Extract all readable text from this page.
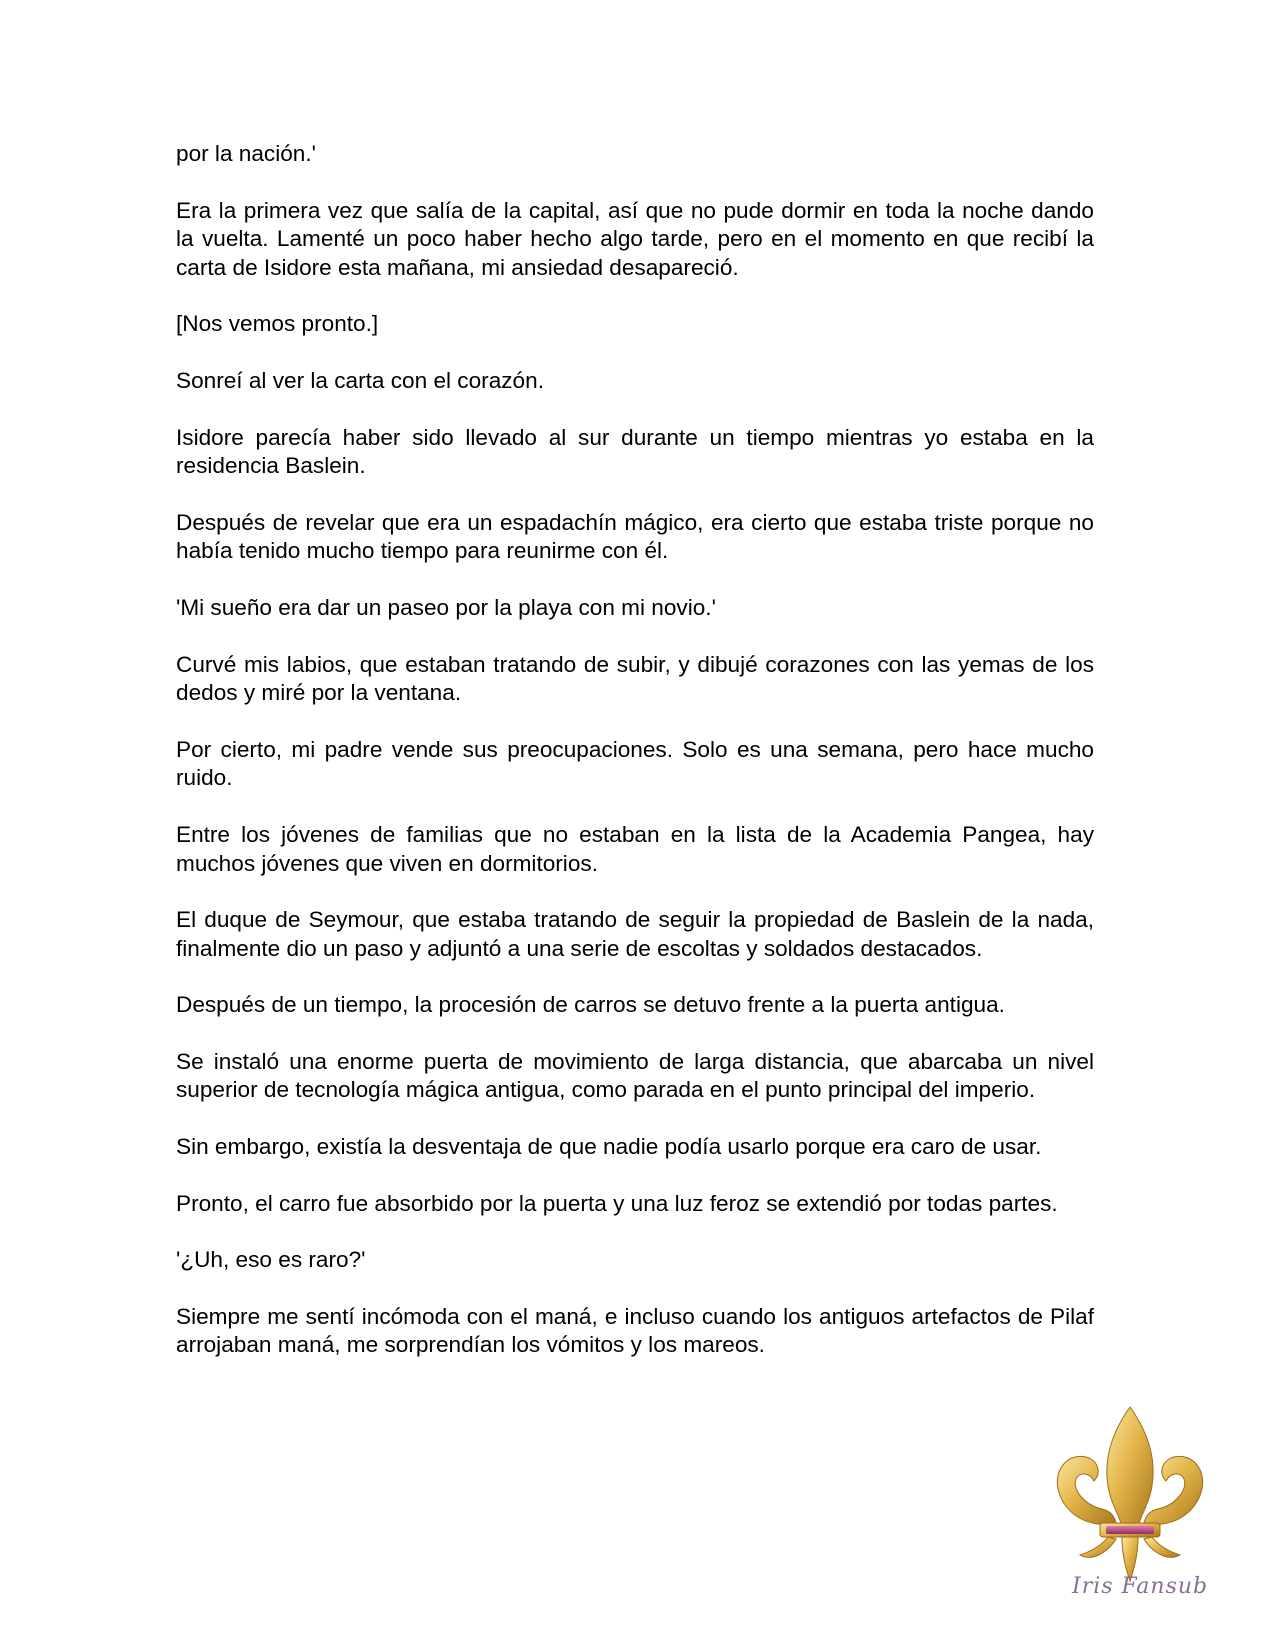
por la nación.'

Era la primera vez que salía de la capital, así que no pude dormir en toda la noche dando la vuelta. Lamenté un poco haber hecho algo tarde, pero en el momento en que recibí la carta de Isidore esta mañana, mi ansiedad desapareció.

[Nos vemos pronto.]

Sonreí al ver la carta con el corazón.

Isidore parecía haber sido llevado al sur durante un tiempo mientras yo estaba en la residencia Baslein.

Después de revelar que era un espadachín mágico, era cierto que estaba triste porque no había tenido mucho tiempo para reunirme con él.

'Mi sueño era dar un paseo por la playa con mi novio.'

Curvé mis labios, que estaban tratando de subir, y dibujé corazones con las yemas de los dedos y miré por la ventana.

Por cierto, mi padre vende sus preocupaciones. Solo es una semana, pero hace mucho ruido.

Entre los jóvenes de familias que no estaban en la lista de la Academia Pangea, hay muchos jóvenes que viven en dormitorios.

El duque de Seymour, que estaba tratando de seguir la propiedad de Baslein de la nada, finalmente dio un paso y adjuntó a una serie de escoltas y soldados destacados.

Después de un tiempo, la procesión de carros se detuvo frente a la puerta antigua.

Se instaló una enorme puerta de movimiento de larga distancia, que abarcaba un nivel superior de tecnología mágica antigua, como parada en el punto principal del imperio.

Sin embargo, existía la desventaja de que nadie podía usarlo porque era caro de usar.

Pronto, el carro fue absorbido por la puerta y una luz feroz se extendió por todas partes.

'¿Uh, eso es raro?'

Siempre me sentí incómoda con el maná, e incluso cuando los antiguos artefactos de Pilaf arrojaban maná, me sorprendían los vómitos y los mareos.

Iris Fansub
